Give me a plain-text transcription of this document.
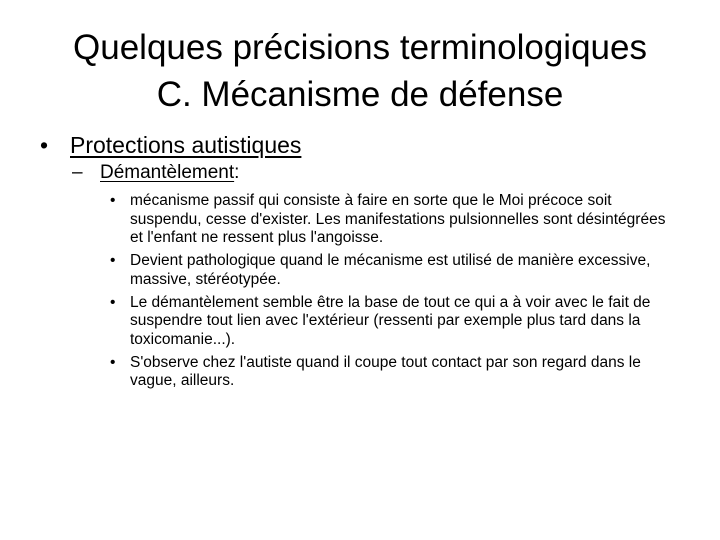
Quelques précisions terminologiques
C. Mécanisme de défense
• Protections autistiques
– Démantèlement:
• mécanisme passif qui consiste à faire en sorte que le Moi précoce soit suspendu, cesse d'exister. Les manifestations pulsionnelles sont désintégrées et l'enfant ne ressent plus l'angoisse.
• Devient pathologique quand le mécanisme est utilisé de manière excessive, massive, stéréotypée.
• Le démantèlement semble être la base de tout ce qui a à voir avec le fait de suspendre tout lien avec l'extérieur (ressenti par exemple plus tard dans la toxicomanie...).
• S'observe chez l'autiste quand il coupe tout contact par son regard dans le vague, ailleurs.
